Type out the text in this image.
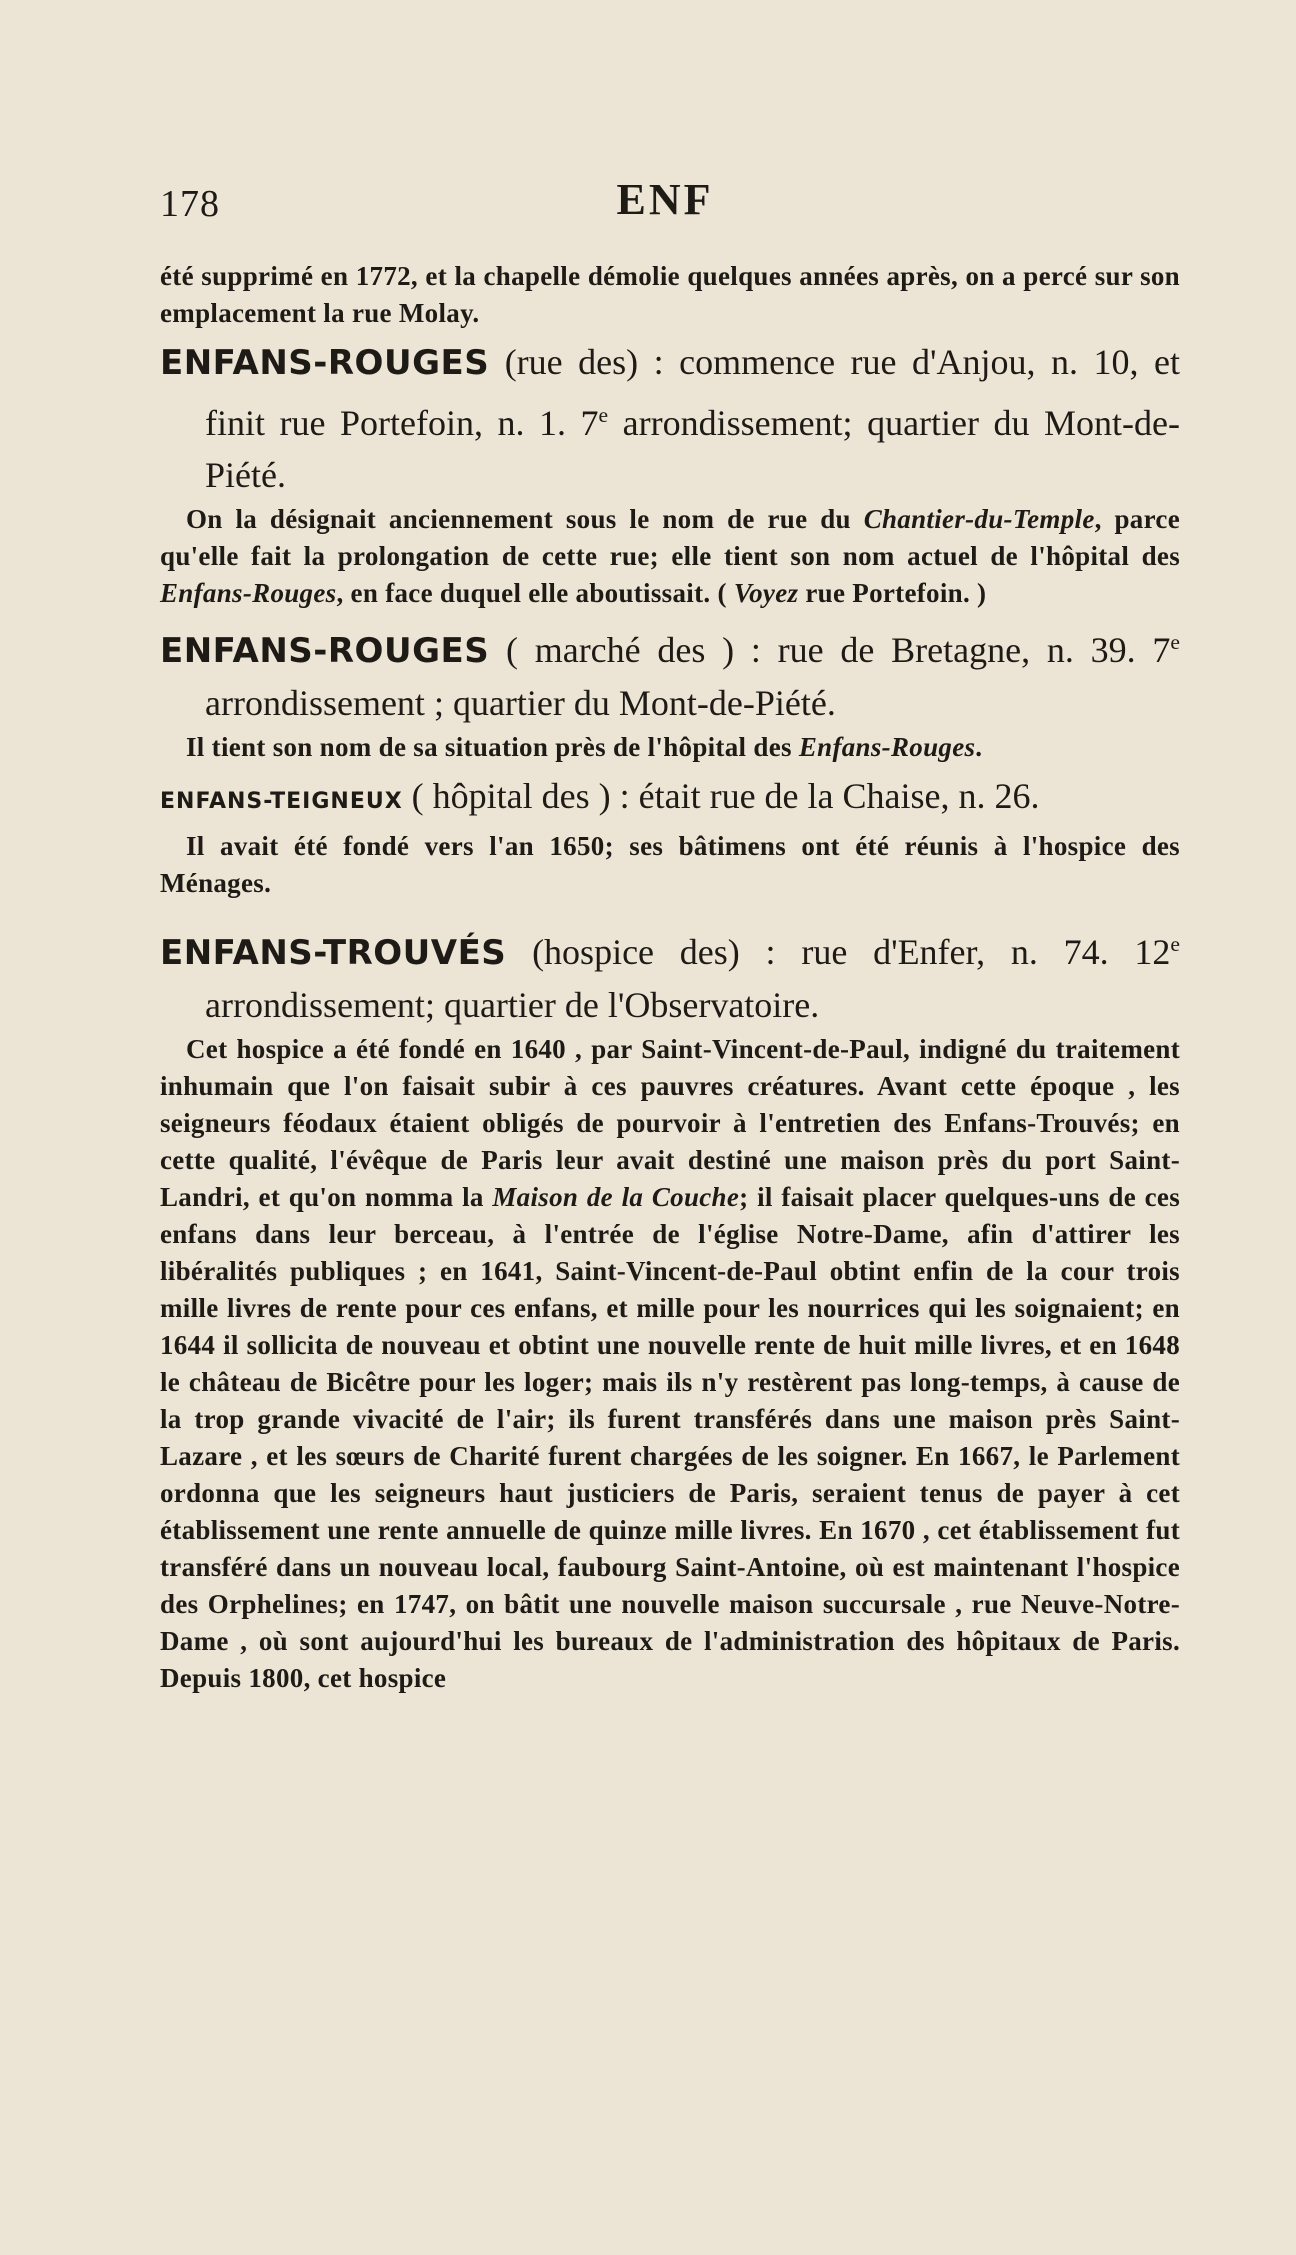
178	ENF

été supprimé en 1772, et la chapelle démolie quelques années après, on a percé sur son emplacement la rue Molay.

ENFANS-ROUGES (rue des) : commence rue d'Anjou, n. 10, et finit rue Portefoin, n. 1. 7e arrondissement; quartier du Mont-de-Piété.

On la désignait anciennement sous le nom de rue du Chantier-du-Temple, parce qu'elle fait la prolongation de cette rue; elle tient son nom actuel de l'hôpital des Enfans-Rouges, en face duquel elle aboutissait. ( Voyez rue Portefoin. )

ENFANS-ROUGES ( marché des ) : rue de Bretagne, n. 39. 7e arrondissement ; quartier du Mont-de-Piété.

Il tient son nom de sa situation près de l'hôpital des Enfans-Rouges.

ENFANS-TEIGNEUX ( hôpital des ) : était rue de la Chaise, n. 26.

Il avait été fondé vers l'an 1650; ses bâtimens ont été réunis à l'hospice des Ménages.

ENFANS-TROUVÉS (hospice des) : rue d'Enfer, n. 74. 12e arrondissement; quartier de l'Observatoire.

Cet hospice a été fondé en 1640 , par Saint-Vincent-de-Paul, indigné du traitement inhumain que l'on faisait subir à ces pauvres créatures. Avant cette époque , les seigneurs féodaux étaient obligés de pourvoir à l'entretien des Enfans-Trouvés; en cette qualité, l'évêque de Paris leur avait destiné une maison près du port Saint-Landri, et qu'on nomma la Maison de la Couche; il faisait placer quelques-uns de ces enfans dans leur berceau, à l'entrée de l'église Notre-Dame, afin d'attirer les libéralités publiques ; en 1641, Saint-Vincent-de-Paul obtint enfin de la cour trois mille livres de rente pour ces enfans, et mille pour les nourrices qui les soignaient; en 1644 il sollicita de nouveau et obtint une nouvelle rente de huit mille livres, et en 1648 le château de Bicêtre pour les loger; mais ils n'y restèrent pas long-temps, à cause de la trop grande vivacité de l'air; ils furent transférés dans une maison près Saint-Lazare , et les sœurs de Charité furent chargées de les soigner. En 1667, le Parlement ordonna que les seigneurs haut justiciers de Paris, seraient tenus de payer à cet établissement une rente annuelle de quinze mille livres. En 1670 , cet établissement fut transféré dans un nouveau local, faubourg Saint-Antoine, où est maintenant l'hospice des Orphelines; en 1747, on bâtit une nouvelle maison succursale , rue Neuve-Notre-Dame , où sont aujourd'hui les bureaux de l'administration des hôpitaux de Paris. Depuis 1800, cet hospice
